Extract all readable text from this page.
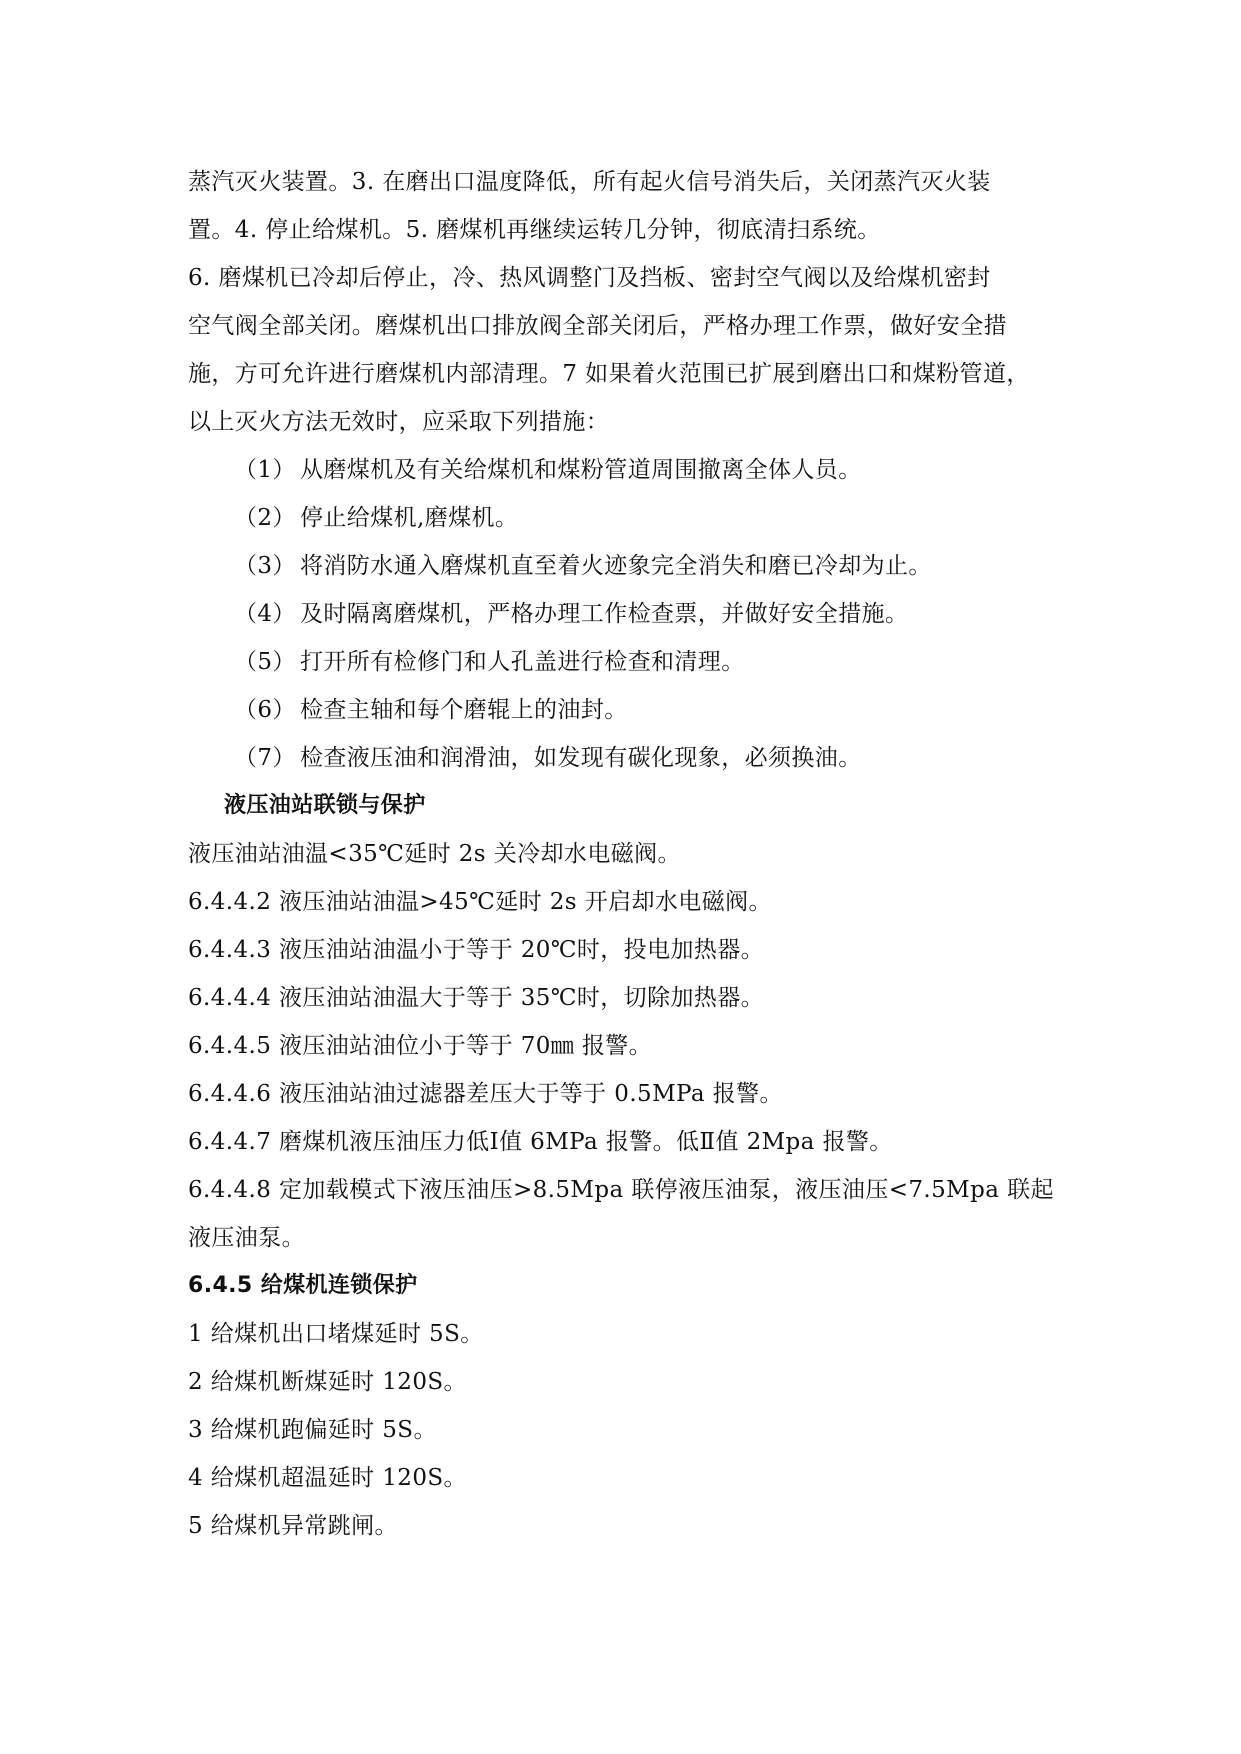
蒸汽灭火装置。3. 在磨出口温度降低，所有起火信号消失后，关闭蒸汽灭火装
置。4. 停止给煤机。5. 磨煤机再继续运转几分钟，彻底清扫系统。
6. 磨煤机已冷却后停止，冷、热风调整门及挡板、密封空气阀以及给煤机密封
空气阀全部关闭。磨煤机出口排放阀全部关闭后，严格办理工作票，做好安全措
施，方可允许进行磨煤机内部清理。7 如果着火范围已扩展到磨出口和煤粉管道，
以上灭火方法无效时，应采取下列措施：
（1） 从磨煤机及有关给煤机和煤粉管道周围撤离全体人员。
（2） 停止给煤机,磨煤机。
（3） 将消防水通入磨煤机直至着火迹象完全消失和磨已冷却为止。
（4） 及时隔离磨煤机，严格办理工作检查票，并做好安全措施。
（5） 打开所有检修门和人孔盖进行检查和清理。
（6） 检查主轴和每个磨辊上的油封。
（7） 检查液压油和润滑油，如发现有碳化现象，必须换油。
液压油站联锁与保护
液压油站油温<35℃延时 2s 关冷却水电磁阀。
6.4.4.2 液压油站油温>45℃延时 2s 开启却水电磁阀。
6.4.4.3 液压油站油温小于等于 20℃时，投电加热器。
6.4.4.4 液压油站油温大于等于 35℃时，切除加热器。
6.4.4.5 液压油站油位小于等于 70㎜ 报警。
6.4.4.6 液压油站油过滤器差压大于等于 0.5MPa 报警。
6.4.4.7 磨煤机液压油压力低Ⅰ值 6MPa 报警。低Ⅱ值 2Mpa 报警。
6.4.4.8 定加载模式下液压油压>8.5Mpa 联停液压油泵，液压油压<7.5Mpa 联起
液压油泵。
6.4.5 给煤机连锁保护
1 给煤机出口堵煤延时 5S。
2 给煤机断煤延时 120S。
3 给煤机跑偏延时 5S。
4 给煤机超温延时 120S。
5 给煤机异常跳闸。
